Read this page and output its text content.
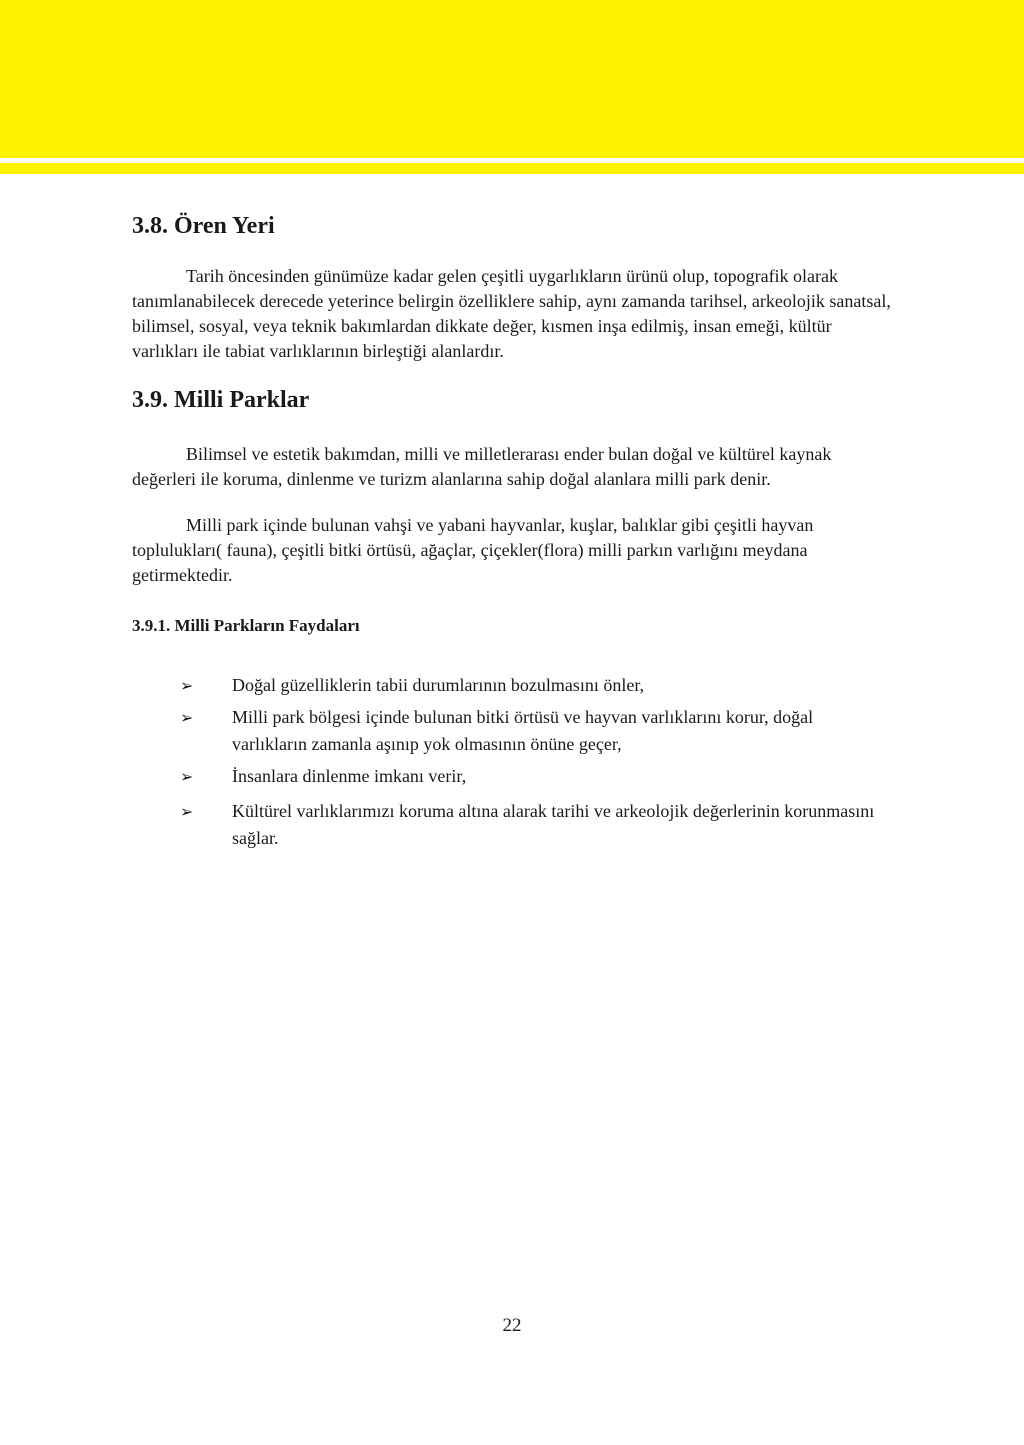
3.8. Ören Yeri

Tarih öncesinden günümüze kadar gelen çeşitli uygarlıkların ürünü olup, topografik olarak tanımlanabilecek derecede yeterince belirgin özelliklere sahip, aynı zamanda tarihsel, arkeolojik sanatsal, bilimsel, sosyal, veya teknik bakımlardan dikkate değer, kısmen inşa edilmiş, insan emeği, kültür varlıkları ile tabiat varlıklarının birleştiği alanlardır.

3.9. Milli Parklar

Bilimsel ve estetik bakımdan, milli ve milletlerarası ender bulan doğal ve kültürel kaynak değerleri ile koruma, dinlenme ve turizm alanlarına sahip doğal alanlara milli park denir.

Milli park içinde bulunan vahşi ve yabani hayvanlar, kuşlar, balıklar gibi çeşitli hayvan toplulukları( fauna), çeşitli bitki örtüsü, ağaçlar, çiçekler(flora) milli parkın varlığını meydana getirmektedir.

3.9.1. Milli Parkların Faydaları
➢ Doğal güzelliklerin tabii durumlarının bozulmasını önler,
➢ Milli park bölgesi içinde bulunan bitki örtüsü ve hayvan varlıklarını korur, doğal varlıkların zamanla aşınıp yok olmasının önüne geçer,
➢ İnsanlara dinlenme imkanı verir,
➢ Kültürel varlıklarımızı koruma altına alarak tarihi ve arkeolojik değerlerinin korunmasını sağlar.
22
